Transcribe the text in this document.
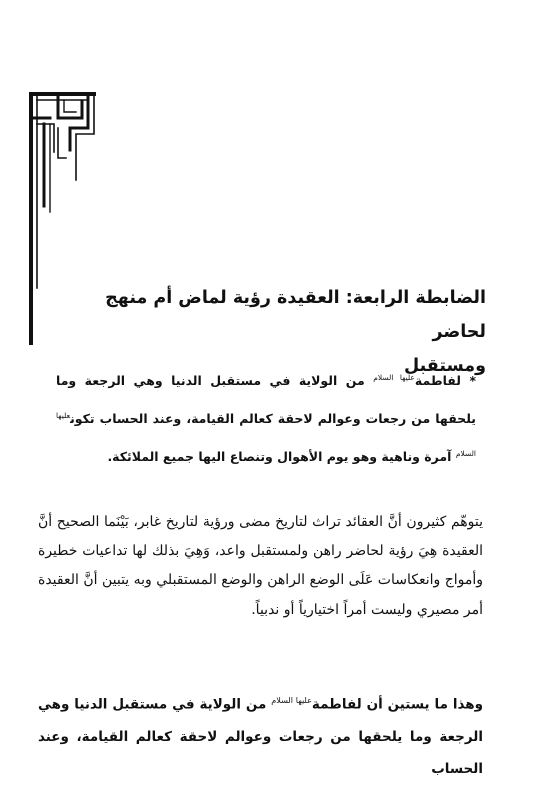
الضابطة الرابعة: العقيدة رؤية لماض أم منهج لحاضر
ومستقبل

* لفاطمة$^{عليها السلام}$ من الولاية في مستقبل الدنيا وهي الرجعة وما يلحقها من رجعات وعوالم لاحقة كعالم القيامة، وعند الحساب تكون$^{عليها السلام}$ آمرة وناهية وهو يوم الأهوال وتنصاع اليها جميع الملائكة.

يتوهّم كثيرون أنَّ العقائد تراث لتاريخ مضى ورؤية لتاريخ غابر، بَيْنَما الصحيح أنَّ العقيدة هِيَ رؤية لحاضر راهن ولمستقبل واعد، وَهِيَ بذلك لها تداعيات خطيرة وأمواج وانعكاسات عَلَى الوضع الراهن والوضع المستقبلي وبه يتبين أنَّ العقيدة أمر مصيري وليست أمراً اختيارياً أو ندبياً.

وهذا ما يستين أن لفاطمة$^{عليها السلام}$ من الولاية في مستقبل الدنيا وهي الرجعة وما يلحقها من رجعات وعوالم لاحقة كعالم القيامة، وعند الحساب
